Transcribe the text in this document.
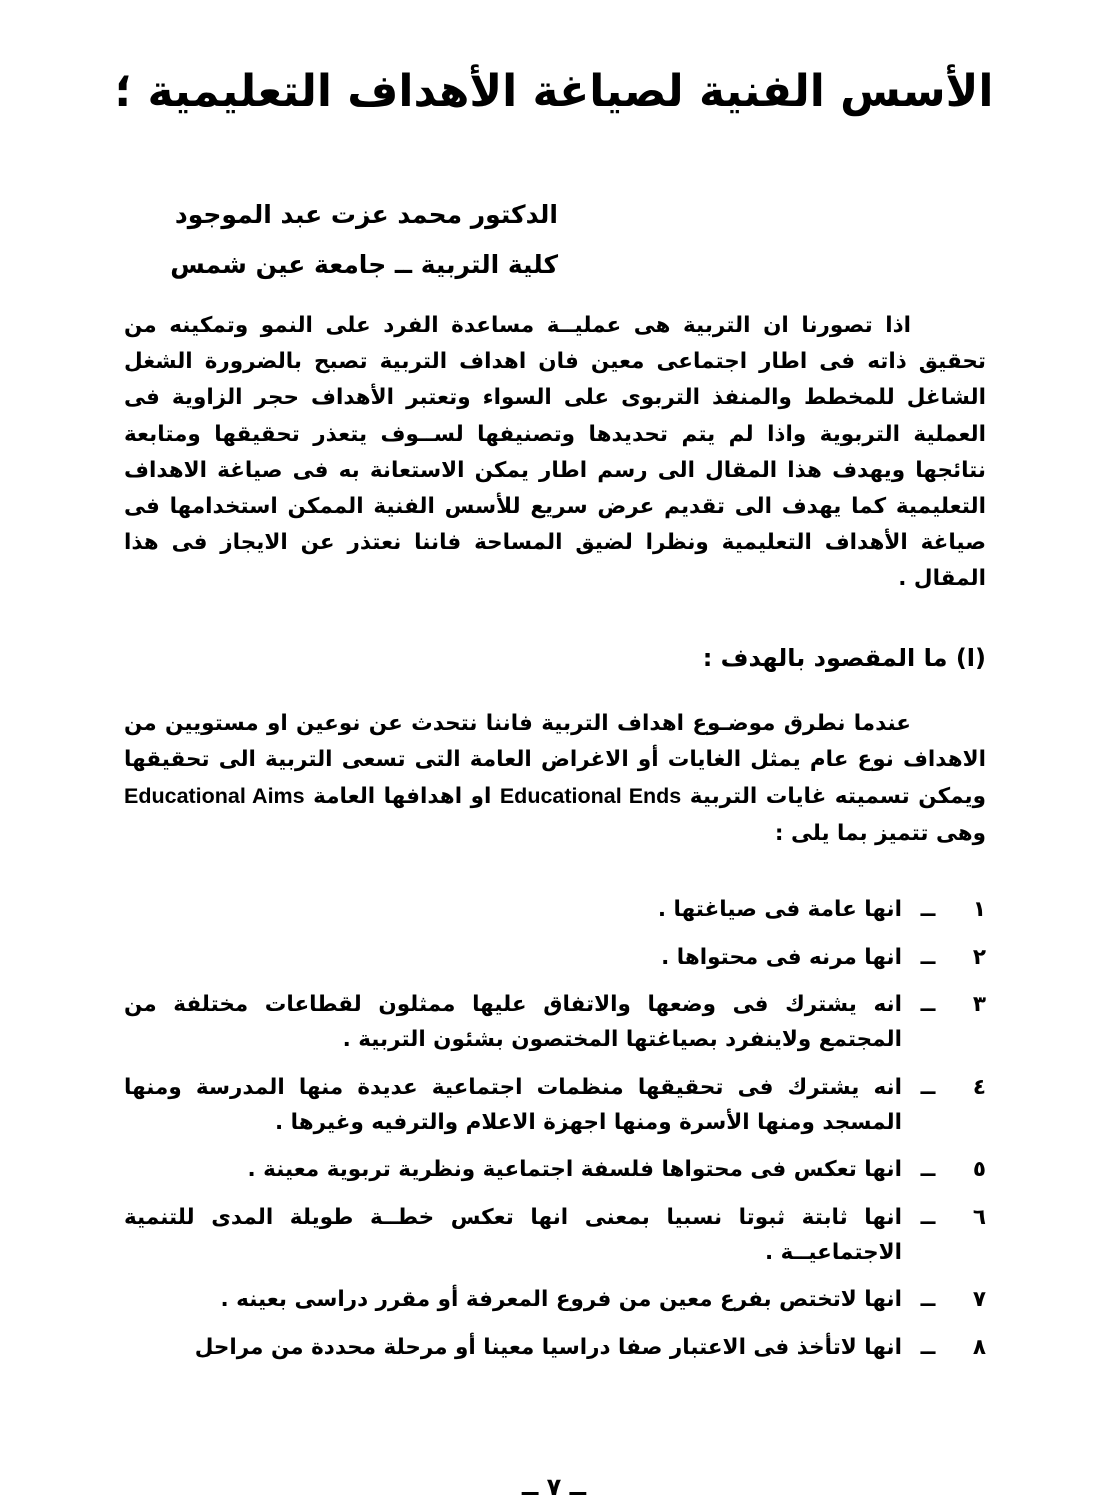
الأسس الفنية لصياغة الأهداف التعليمية ؛

الدكتور محمد عزت عبد الموجود

كلية التربية ــ جامعة عين شمس

اذا تصورنا ان التربية هى عمليــة مساعدة الفرد على النمو وتمكينه من تحقيق ذاته فى اطار اجتماعى معين فان اهداف التربية تصبح بالضرورة الشغل الشاغل للمخطط والمنفذ التربوى على السواء وتعتبر الأهداف حجر الزاوية فى العملية التربوية واذا لم يتم تحديدها وتصنيفها لســوف يتعذر تحقيقها ومتابعة نتائجها ويهدف هذا المقال الى رسم اطار يمكن الاستعانة به فى صياغة الاهداف التعليمية كما يهدف الى تقديم عرض سريع للأسس الفنية الممكن استخدامها فى صياغة الأهداف التعليمية ونظرا لضيق المساحة فاننا نعتذر عن الايجاز فى هذا المقال .

(ا) ما المقصود بالهدف :

عندما نطرق موضـوع اهداف التربية فاننا نتحدث عن نوعين او مستويين من الاهداف نوع عام يمثل الغايات أو الاغراض العامة التى تسعى التربية الى تحقيقها ويمكن تسميته غايات التربية Educational Ends او اهدافها العامة Educational Aims وهى تتميز بما يلى :

١
ــ
انها عامة فى صياغتها .
٢
ــ
انها مرنه فى محتواها .
٣
ــ
انه يشترك فى وضعها والاتفاق عليها ممثلون لقطاعات مختلفة من المجتمع ولاينفرد بصياغتها المختصون بشئون التربية .
٤
ــ
انه يشترك فى تحقيقها منظمات اجتماعية عديدة منها المدرسة ومنها المسجد ومنها الأسرة ومنها اجهزة الاعلام والترفيه وغيرها .
٥
ــ
انها تعكس فى محتواها فلسفة اجتماعية ونظرية تربوية معينة .
٦
ــ
انها ثابتة ثبوتا نسبيا بمعنى انها تعكس خطــة طويلة المدى للتنمية الاجتماعيــة .
٧
ــ
انها لاتختص بفرع معين من فروع المعرفة أو مقرر دراسى بعينه .
٨
ــ
انها لاتأخذ فى الاعتبار صفا دراسيا معينا أو مرحلة محددة من مراحل
ــ ٧ ــ
